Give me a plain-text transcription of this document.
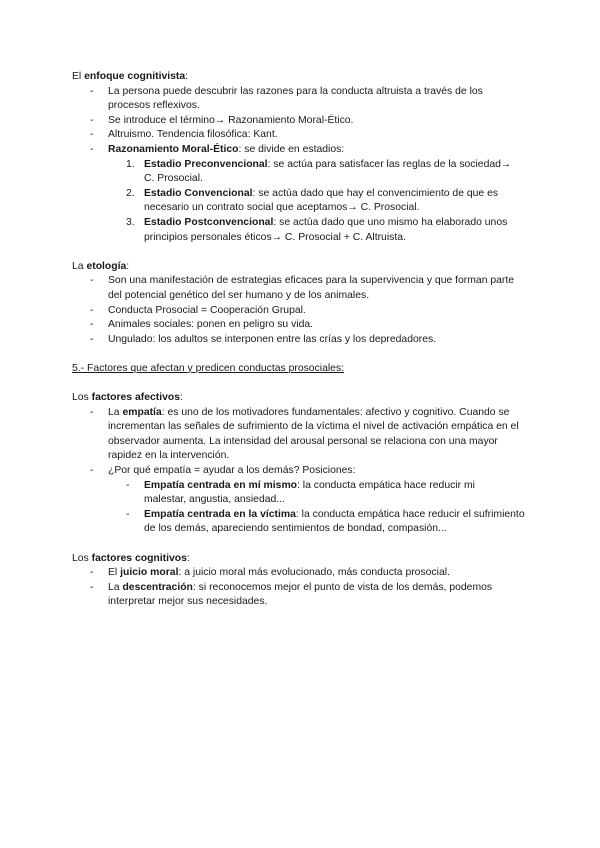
El enfoque cognitivista:
- La persona puede descubrir las razones para la conducta altruista a través de los procesos reflexivos.
- Se introduce el término→ Razonamiento Moral-Ético.
- Altruismo. Tendencia filosófica: Kant.
- Razonamiento Moral-Ético: se divide en estadios:
1. Estadio Preconvencional: se actúa para satisfacer las reglas de la sociedad→ C. Prosocial.
2. Estadio Convencional: se actúa dado que hay el convencimiento de que es necesario un contrato social que aceptamos→ C. Prosocial.
3. Estadio Postconvencional: se actúa dado que uno mismo ha elaborado unos principios personales éticos→ C. Prosocial + C. Altruista.
La etología:
- Son una manifestación de estrategias eficaces para la supervivencia y que forman parte del potencial genético del ser humano y de los animales.
- Conducta Prosocial = Cooperación Grupal.
- Animales sociales: ponen en peligro su vida.
- Ungulado: los adultos se interponen entre las crías y los depredadores.
5.- Factores que afectan y predicen conductas prosociales:
Los factores afectivos:
- La empatía: es uno de los motivadores fundamentales: afectivo y cognitivo. Cuando se incrementan las señales de sufrimiento de la víctima el nivel de activación empática en el observador aumenta. La intensidad del arousal personal se relaciona con una mayor rapidez en la intervención.
- ¿Por qué empatía = ayudar a los demás? Posiciones:
- Empatía centrada en mí mismo: la conducta empática hace reducir mi malestar, angustia, ansiedad...
- Empatía centrada en la víctima: la conducta empática hace reducir el sufrimiento de los demás, apareciendo sentimientos de bondad, compasión...
Los factores cognitivos:
- El juicio moral: a juicio moral más evolucionado, más conducta prosocial.
- La descentración: si reconocemos mejor el punto de vista de los demás, podemos interpretar mejor sus necesidades.
